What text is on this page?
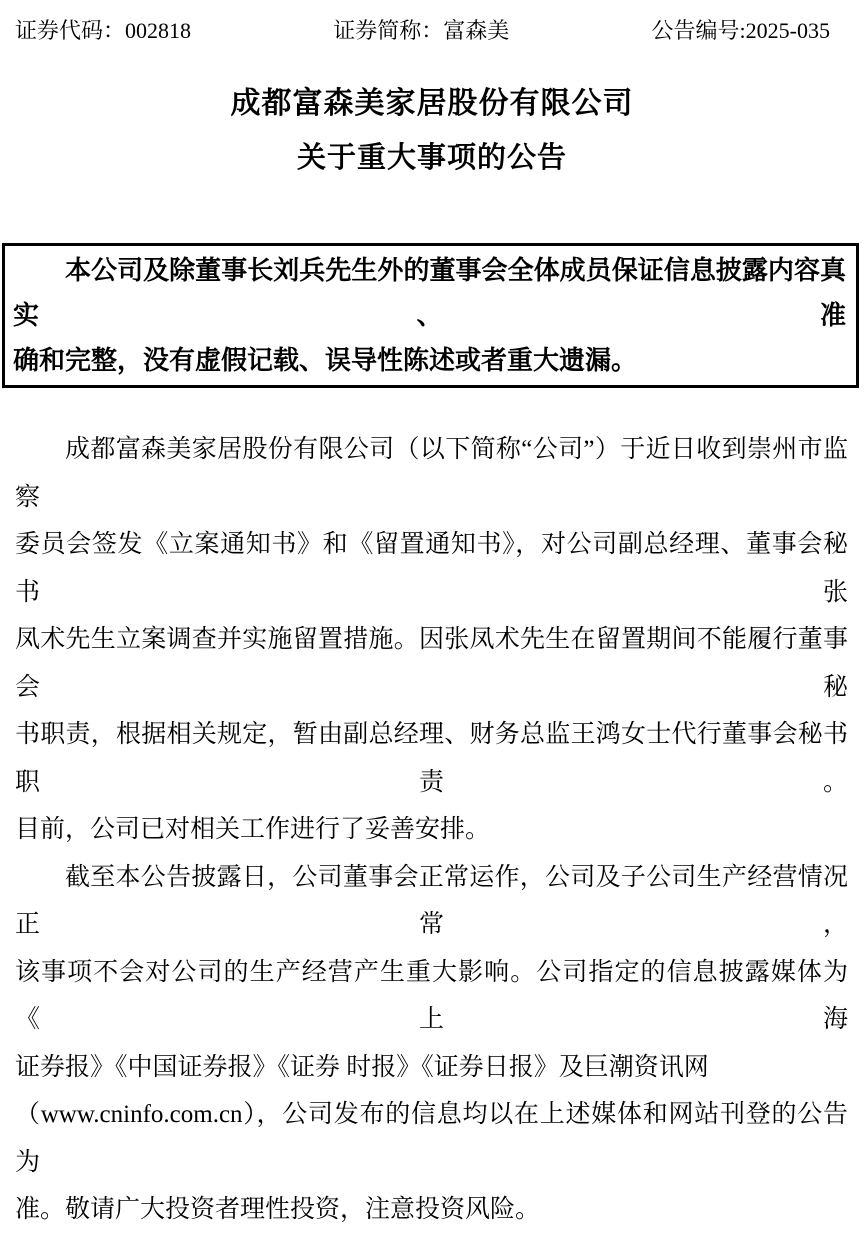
证券代码：002818	证券简称：富森美	公告编号:2025-035
成都富森美家居股份有限公司
关于重大事项的公告
本公司及除董事长刘兵先生外的董事会全体成员保证信息披露内容真实、准
确和完整，没有虚假记载、误导性陈述或者重大遗漏。
成都富森美家居股份有限公司（以下简称“公司”）于近日收到崇州市监察
委员会签发《立案通知书》和《留置通知书》，对公司副总经理、董事会秘书张
凤术先生立案调查并实施留置措施。因张凤术先生在留置期间不能履行董事会秘
书职责，根据相关规定，暂由副总经理、财务总监王鸿女士代行董事会秘书职责。
目前，公司已对相关工作进行了妥善安排。
截至本公告披露日，公司董事会正常运作，公司及子公司生产经营情况正常，
该事项不会对公司的生产经营产生重大影响。公司指定的信息披露媒体为《上海
证券报》《中国证券报》《证券 时报》《证券日报》及巨潮资讯网
（www.cninfo.com.cn），公司发布的信息均以在上述媒体和网站刊登的公告为
准。敬请广大投资者理性投资，注意投资风险。
